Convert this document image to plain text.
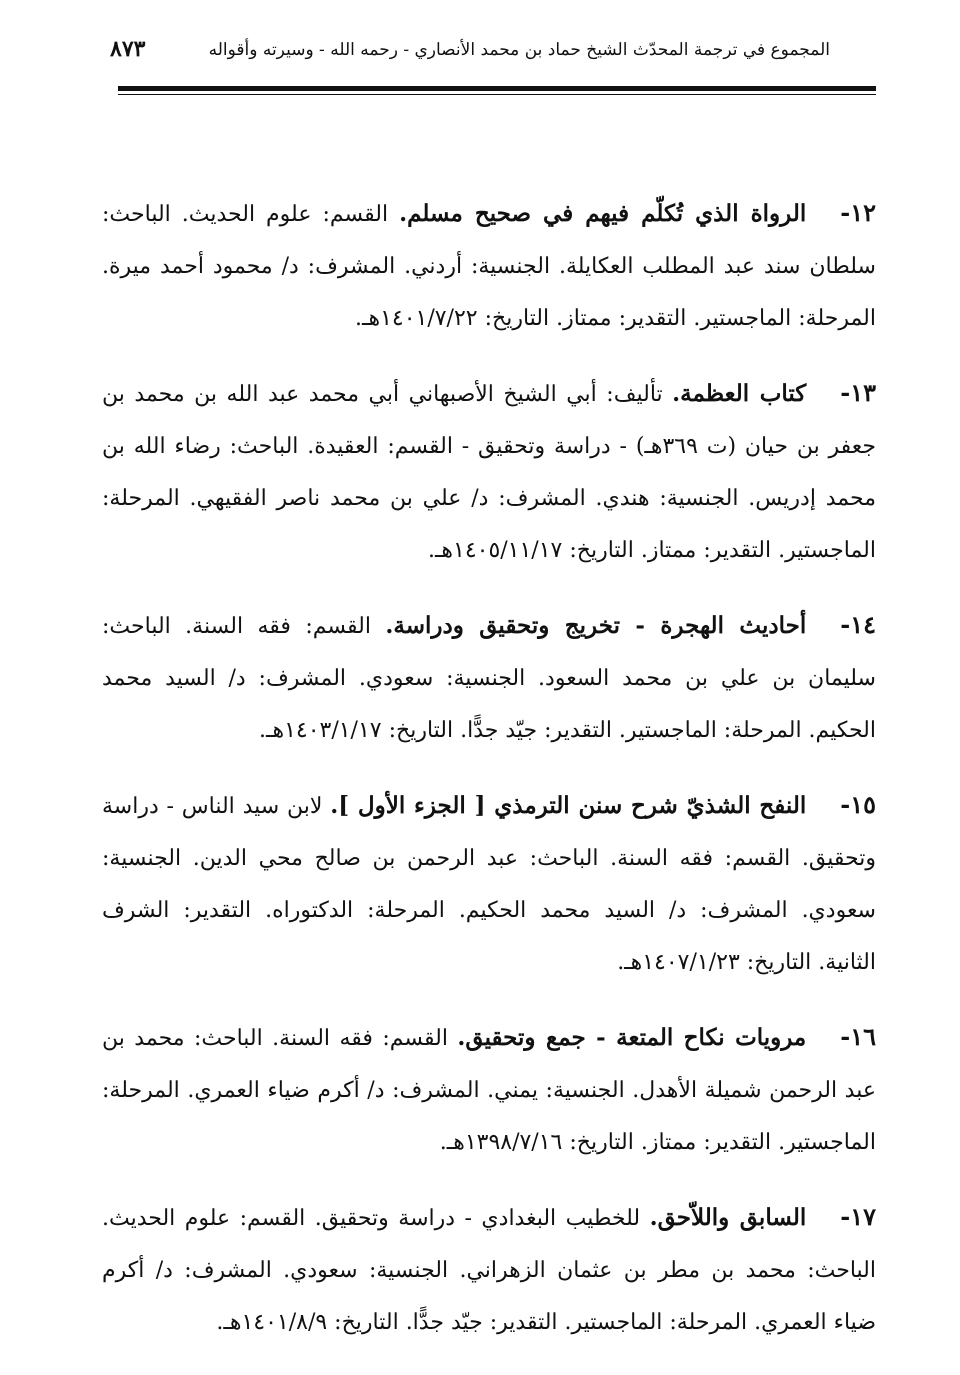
المجموع في ترجمة المحدّث الشيخ حماد بن محمد الأنصاري - رحمه الله - وسيرته وأقواله
٨٧٣

١٢-الرواة الذي تُكلّم فيهم في صحيح مسلم. القسم: علوم الحديث. الباحث: سلطان سند عبد المطلب العكايلة. الجنسية: أردني. المشرف: د/ محمود أحمد ميرة. المرحلة: الماجستير. التقدير: ممتاز. التاريخ: ١٤٠١/٧/٢٢هـ.

١٣-كتاب العظمة. تأليف: أبي الشيخ الأصبهاني أبي محمد عبد الله بن محمد بن جعفر بن حيان (ت ٣٦٩هـ) - دراسة وتحقيق - القسم: العقيدة. الباحث: رضاء الله بن محمد إدريس. الجنسية: هندي. المشرف: د/ علي بن محمد ناصر الفقيهي. المرحلة: الماجستير. التقدير: ممتاز. التاريخ: ١٤٠٥/١١/١٧هـ.

١٤-أحاديث الهجرة - تخريج وتحقيق ودراسة. القسم: فقه السنة. الباحث: سليمان بن علي بن محمد السعود. الجنسية: سعودي. المشرف: د/ السيد محمد الحكيم. المرحلة: الماجستير. التقدير: جيّد جدًّا. التاريخ: ١٤٠٣/١/١٧هـ.

١٥-النفح الشذيّ شرح سنن الترمذي [ الجزء الأول ]. لابن سيد الناس - دراسة وتحقيق. القسم: فقه السنة. الباحث: عبد الرحمن بن صالح محي الدين. الجنسية: سعودي. المشرف: د/ السيد محمد الحكيم. المرحلة: الدكتوراه. التقدير: الشرف الثانية. التاريخ: ١٤٠٧/١/٢٣هـ.

١٦-مرويات نكاح المتعة - جمع وتحقيق. القسم: فقه السنة. الباحث: محمد بن عبد الرحمن شميلة الأهدل. الجنسية: يمني. المشرف: د/ أكرم ضياء العمري. المرحلة: الماجستير. التقدير: ممتاز. التاريخ: ١٣٩٨/٧/١٦هـ.

١٧-السابق واللاّحق. للخطيب البغدادي - دراسة وتحقيق. القسم: علوم الحديث. الباحث: محمد بن مطر بن عثمان الزهراني. الجنسية: سعودي. المشرف: د/ أكرم ضياء العمري. المرحلة: الماجستير. التقدير: جيّد جدًّا. التاريخ: ١٤٠١/٨/٩هـ.
